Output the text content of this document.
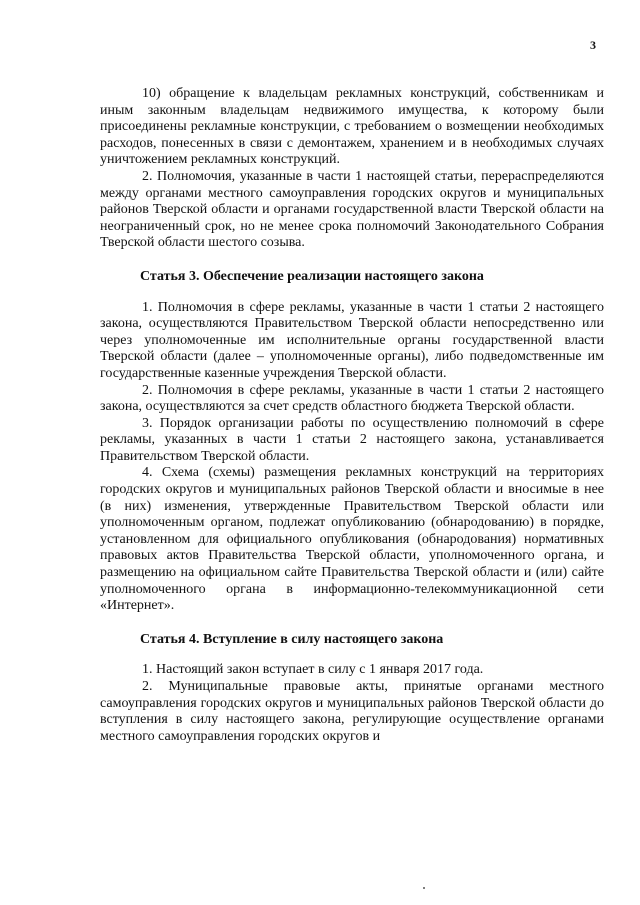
3

10) обращение к владельцам рекламных конструкций, собственникам и иным законным владельцам недвижимого имущества, к которому были присоединены рекламные конструкции, с требованием о возмещении необходимых расходов, понесенных в связи с демонтажем, хранением и в необходимых случаях уничтожением рекламных конструкций.

2. Полномочия, указанные в части 1 настоящей статьи, перераспределяются между органами местного самоуправления городских округов и муниципальных районов Тверской области и органами государственной власти Тверской области на неограниченный срок, но не менее срока полномочий Законодательного Собрания Тверской области шестого созыва.

Статья 3. Обеспечение реализации настоящего закона

1. Полномочия в сфере рекламы, указанные в части 1 статьи 2 настоящего закона, осуществляются Правительством Тверской области непосредственно или через уполномоченные им исполнительные органы государственной власти Тверской области (далее – уполномоченные органы), либо подведомственные им государственные казенные учреждения Тверской области.

2. Полномочия в сфере рекламы, указанные в части 1 статьи 2 настоящего закона, осуществляются за счет средств областного бюджета Тверской области.

3. Порядок организации работы по осуществлению полномочий в сфере рекламы, указанных в части 1 статьи 2 настоящего закона, устанавливается Правительством Тверской области.

4. Схема (схемы) размещения рекламных конструкций на территориях городских округов и муниципальных районов Тверской области и вносимые в нее (в них) изменения, утвержденные Правительством Тверской области или уполномоченным органом, подлежат опубликованию (обнародованию) в порядке, установленном для официального опубликования (обнародования) нормативных правовых актов Правительства Тверской области, уполномоченного органа, и размещению на официальном сайте Правительства Тверской области и (или) сайте уполномоченного органа в информационно-телекоммуникационной сети «Интернет».

Статья 4. Вступление в силу настоящего закона

1. Настоящий закон вступает в силу с 1 января 2017 года.

2. Муниципальные правовые акты, принятые органами местного самоуправления городских округов и муниципальных районов Тверской области до вступления в силу настоящего закона, регулирующие осуществление органами местного самоуправления городских округов и
